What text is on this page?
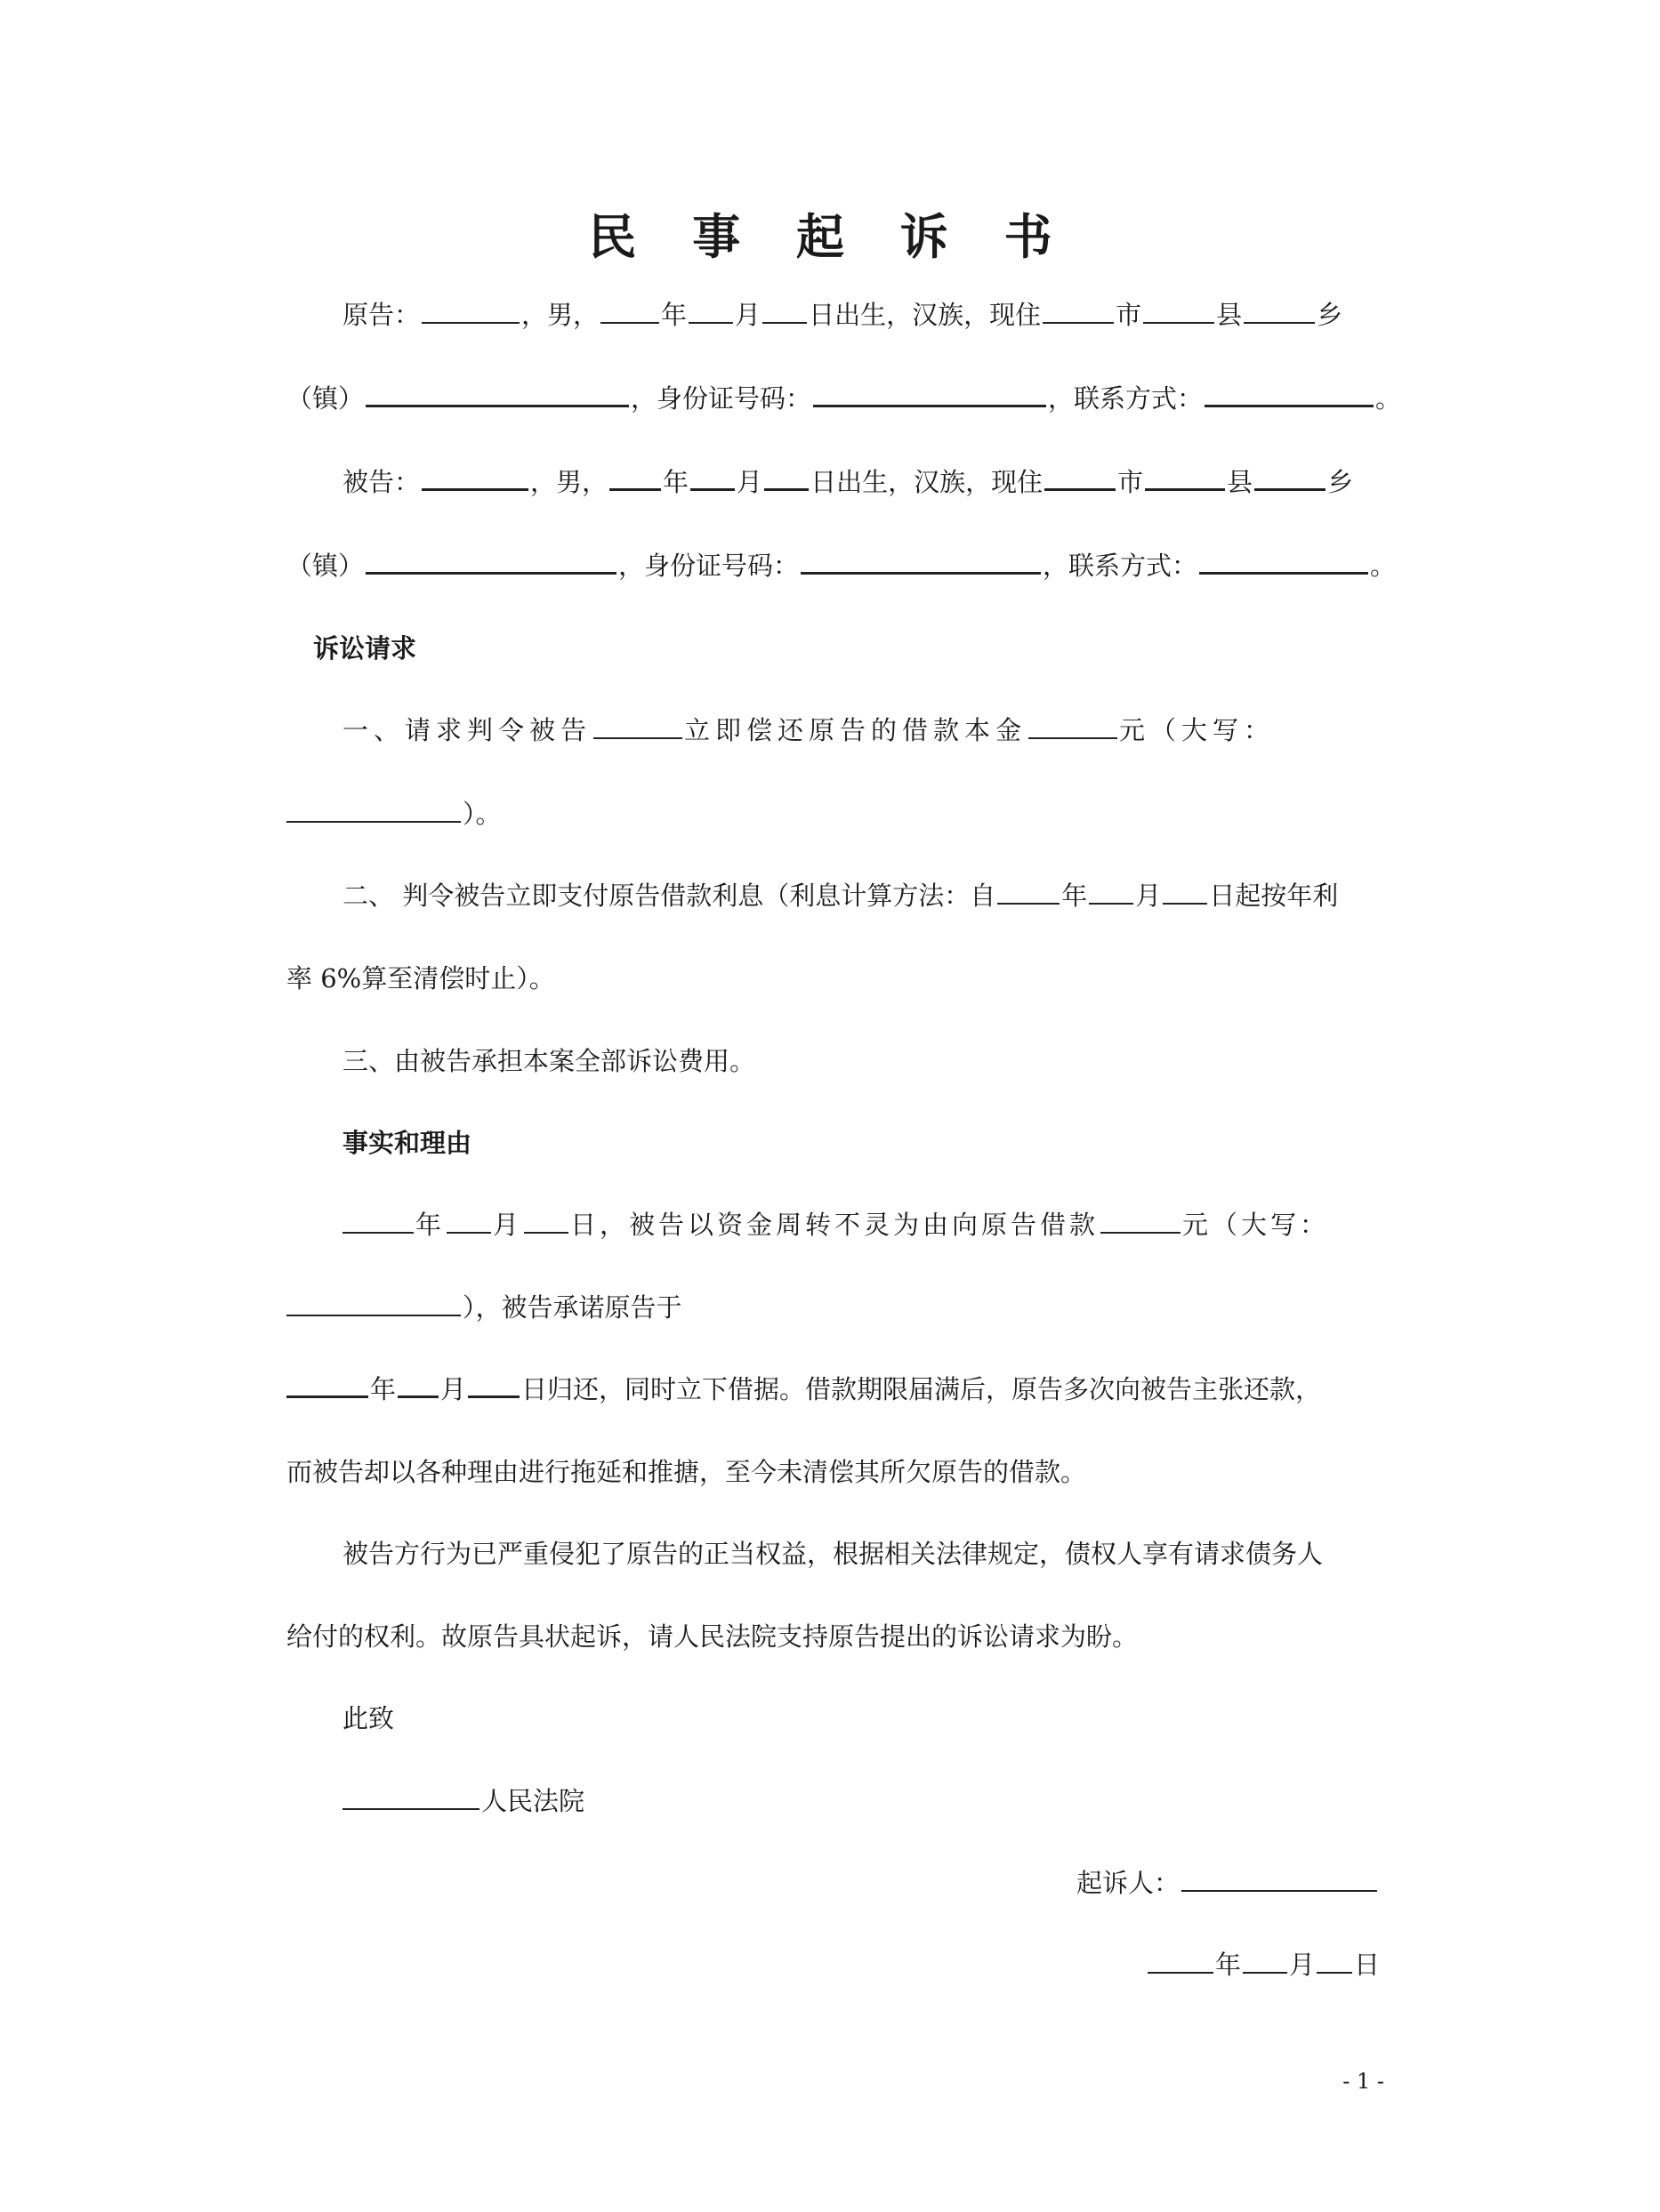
民 事 起 诉 书
原告：	，男， 年 月 日出生，汉族，现住	市	县	乡
（镇）	，身份证号码：	，联系方式：	。
被告：	，男， 年 月 日出生，汉族，现住	市	县	乡
（镇）	，身份证号码：	，联系方式：	。
诉讼请求
一、请求判令被告	立即偿还原告的借款本金	元（大写：
）。
二、 判令被告立即支付原告借款利息（利息计算方法：自	年 月 日起按年利
率 6%算至清偿时止）。
三、由被告承担本案全部诉讼费用。
事实和理由
年 月 日，被告以资金周转不灵为由向原告借款	元（大写：
），被告承诺原告于
年 月 日归还，同时立下借据。借款期限届满后，原告多次向被告主张还款，
而被告却以各种理由进行拖延和推搪，至今未清偿其所欠原告的借款。
被告方行为已严重侵犯了原告的正当权益，根据相关法律规定，债权人享有请求债务人
给付的权利。故原告具状起诉，请人民法院支持原告提出的诉讼请求为盼。
此致
人民法院
起诉人：
年 月 日
- 1 -
